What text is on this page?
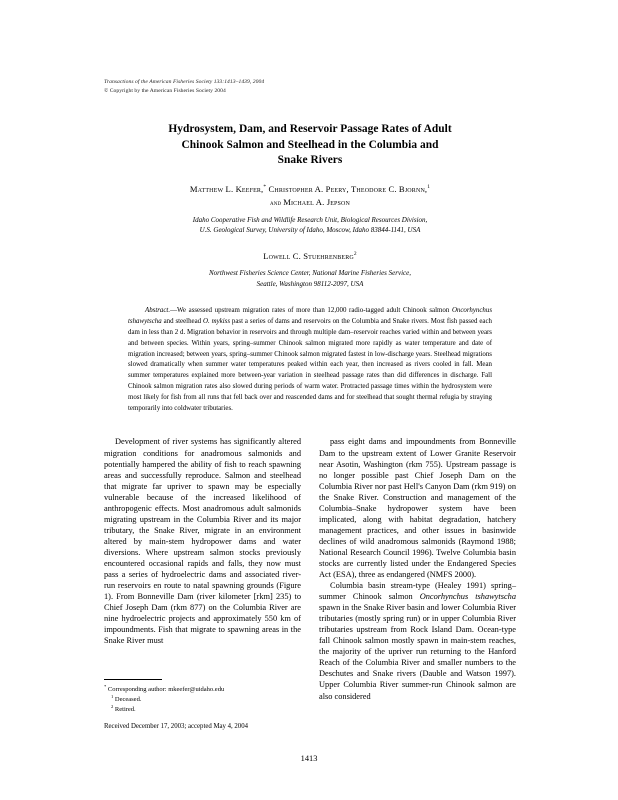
Transactions of the American Fisheries Society 133:1413–1439, 2004
© Copyright by the American Fisheries Society 2004
Hydrosystem, Dam, and Reservoir Passage Rates of Adult
Chinook Salmon and Steelhead in the Columbia and
Snake Rivers
Matthew L. Keefer,* Christopher A. Peery, Theodore C. Bjornn,$^1$
and Michael A. Jepson
Idaho Cooperative Fish and Wildlife Research Unit, Biological Resources Division,
U.S. Geological Survey, University of Idaho, Moscow, Idaho 83844-1141, USA
Lowell C. Stuehrenberg$^2$
Northwest Fisheries Science Center, National Marine Fisheries Service,
Seattle, Washington 98112-2097, USA
Abstract.—We assessed upstream migration rates of more than 12,000 radio-tagged adult Chinook salmon Oncorhynchus tshawytscha and steelhead O. mykiss past a series of dams and reservoirs on the Columbia and Snake rivers. Most fish passed each dam in less than 2 d. Migration behavior in reservoirs and through multiple dam–reservoir reaches varied within and between years and between species. Within years, spring–summer Chinook salmon migrated more rapidly as water temperature and date of migration increased; between years, spring–summer Chinook salmon migrated fastest in low-discharge years. Steelhead migrations slowed dramatically when summer water temperatures peaked within each year, then increased as rivers cooled in fall. Mean summer temperatures explained more between-year variation in steelhead passage rates than did differences in discharge. Fall Chinook salmon migration rates also slowed during periods of warm water. Protracted passage times within the hydrosystem were most likely for fish from all runs that fell back over and reascended dams and for steelhead that sought thermal refugia by straying temporarily into coldwater tributaries.

Development of river systems has significantly altered migration conditions for anadromous salmonids and potentially hampered the ability of fish to reach spawning areas and successfully reproduce. Salmon and steelhead that migrate far upriver to spawn may be especially vulnerable because of the increased likelihood of anthropogenic effects. Most anadromous adult salmonids migrating upstream in the Columbia River and its major tributary, the Snake River, migrate in an environment altered by main-stem hydropower dams and water diversions. Where upstream salmon stocks previously encountered occasional rapids and falls, they now must pass a series of hydroelectric dams and associated river-run reservoirs en route to natal spawning grounds (Figure 1). From Bonneville Dam (river kilometer [rkm] 235) to Chief Joseph Dam (rkm 877) on the Columbia River are nine hydroelectric projects and approximately 550 km of impoundments. Fish that migrate to spawning areas in the Snake River must

* Corresponding author: mkeefer@uidaho.edu
$^1$ Deceased.
$^2$ Retired.
Received December 17, 2003; accepted May 4, 2004

pass eight dams and impoundments from Bonneville Dam to the upstream extent of Lower Granite Reservoir near Asotin, Washington (rkm 755). Upstream passage is no longer possible past Chief Joseph Dam on the Columbia River nor past Hell's Canyon Dam (rkm 919) on the Snake River. Construction and management of the Columbia–Snake hydropower system have been implicated, along with habitat degradation, hatchery management practices, and other issues in basinwide declines of wild anadromous salmonids (Raymond 1988; National Research Council 1996). Twelve Columbia basin stocks are currently listed under the Endangered Species Act (ESA), three as endangered (NMFS 2000).

Columbia basin stream-type (Healey 1991) spring–summer Chinook salmon Oncorhynchus tshawytscha spawn in the Snake River basin and lower Columbia River tributaries (mostly spring run) or in upper Columbia River tributaries upstream from Rock Island Dam. Ocean-type fall Chinook salmon mostly spawn in main-stem reaches, the majority of the upriver run returning to the Hanford Reach of the Columbia River and smaller numbers to the Deschutes and Snake rivers (Dauble and Watson 1997). Upper Columbia River summer-run Chinook salmon are also considered

1413
